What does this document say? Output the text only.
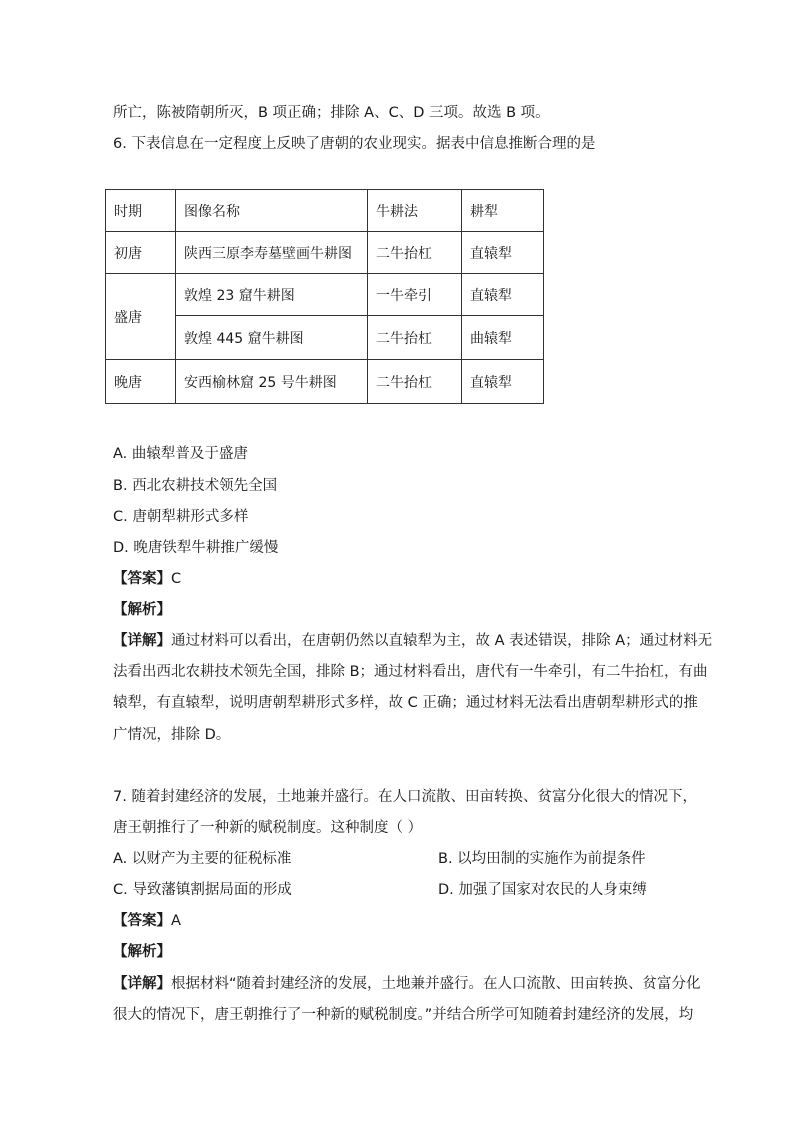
所亡，陈被隋朝所灭，B 项正确；排除 A、C、D 三项。故选 B 项。
6. 下表信息在一定程度上反映了唐朝的农业现实。据表中信息推断合理的是
时期	图像名称	牛耕法	耕犁
初唐	陕西三原李寿墓壁画牛耕图	二牛抬杠	直辕犁
盛唐	敦煌 23 窟牛耕图	一牛牵引	直辕犁
	敦煌 445 窟牛耕图	二牛抬杠	曲辕犁
晚唐	安西榆林窟 25 号牛耕图	二牛抬杠	直辕犁
A. 曲辕犁普及于盛唐
B. 西北农耕技术领先全国
C. 唐朝犁耕形式多样
D. 晚唐铁犁牛耕推广缓慢
【答案】C
【解析】
【详解】通过材料可以看出，在唐朝仍然以直辕犁为主，故 A 表述错误，排除 A；通过材料无
法看出西北农耕技术领先全国，排除 B；通过材料看出，唐代有一牛牵引，有二牛抬杠，有曲
辕犁，有直辕犁，说明唐朝犁耕形式多样，故 C 正确；通过材料无法看出唐朝犁耕形式的推
广情况，排除 D。
7. 随着封建经济的发展，土地兼并盛行。在人口流散、田亩转换、贫富分化很大的情况下，
唐王朝推行了一种新的赋税制度。这种制度（ ）
A. 以财产为主要的征税标准	B. 以均田制的实施作为前提条件
C. 导致藩镇割据局面的形成	D. 加强了国家对农民的人身束缚
【答案】A
【解析】
【详解】根据材料“随着封建经济的发展，土地兼并盛行。在人口流散、田亩转换、贫富分化
很大的情况下，唐王朝推行了一种新的赋税制度。”并结合所学可知随着封建经济的发展，均
